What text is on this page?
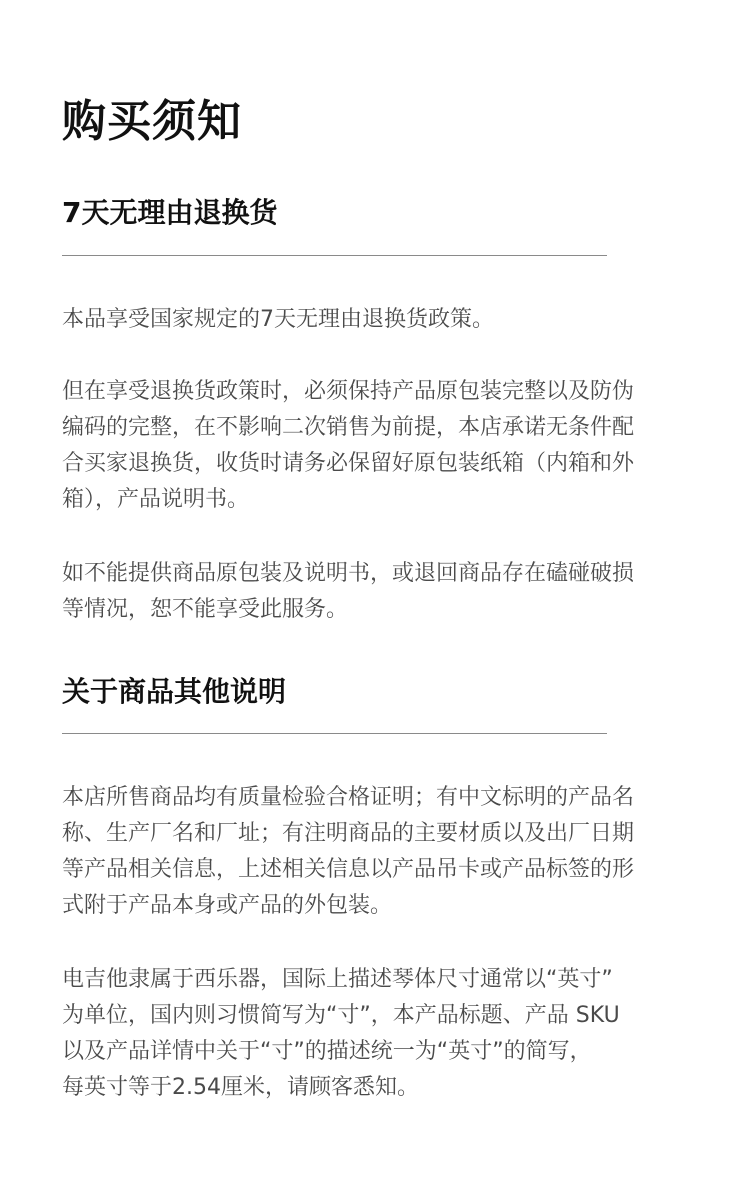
购买须知
7天无理由退换货

本品享受国家规定的7天无理由退换货政策。

但在享受退换货政策时，必须保持产品原包装完整以及防伪
编码的完整，在不影响二次销售为前提，本店承诺无条件配
合买家退换货，收货时请务必保留好原包装纸箱（内箱和外
箱），产品说明书。

如不能提供商品原包装及说明书，或退回商品存在磕碰破损
等情况，恕不能享受此服务。

关于商品其他说明

本店所售商品均有质量检验合格证明；有中文标明的产品名
称、生产厂名和厂址；有注明商品的主要材质以及出厂日期
等产品相关信息，上述相关信息以产品吊卡或产品标签的形
式附于产品本身或产品的外包装。

电吉他隶属于西乐器，国际上描述琴体尺寸通常以“英寸”
为单位，国内则习惯简写为“寸”，本产品标题、产品 SKU
以及产品详情中关于“寸”的描述统一为“英寸”的简写，
每英寸等于2.54厘米，请顾客悉知。
